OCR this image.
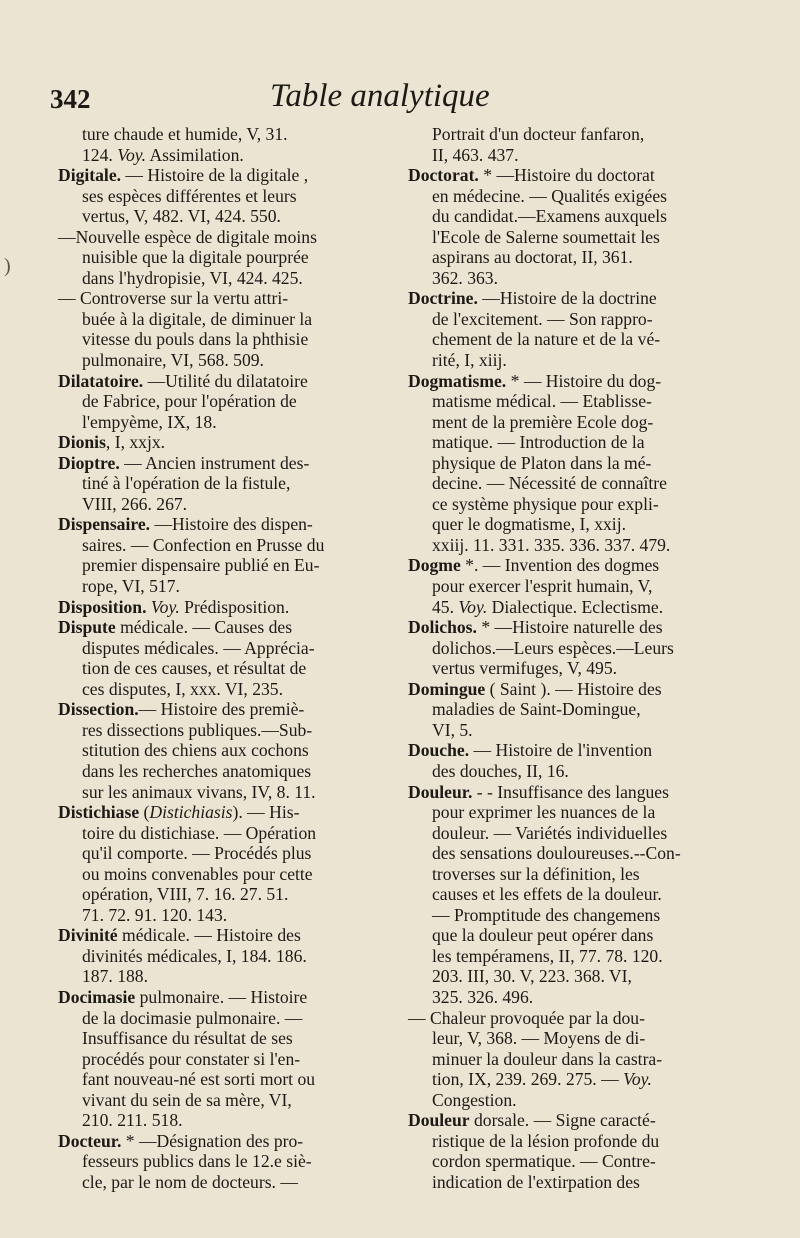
342	Table analytique
)
ture chaude et humide, V, 31.
124. Voy. Assimilation.
Digitale. — Histoire de la digitale ,
ses espèces différentes et leurs
vertus, V, 482. VI, 424. 550.
—Nouvelle espèce de digitale moins
nuisible que la digitale pourprée
dans l'hydropisie, VI, 424. 425.
— Controverse sur la vertu attri-
buée à la digitale, de diminuer la
vitesse du pouls dans la phthisie
pulmonaire, VI, 568. 509.
Dilatatoire. —Utilité du dilatatoire
de Fabrice, pour l'opération de
l'empyème, IX, 18.
Dionis, I, xxjx.
Dioptre. — Ancien instrument des-
tiné à l'opération de la fistule,
VIII, 266. 267.
Dispensaire. —Histoire des dispen-
saires. — Confection en Prusse du
premier dispensaire publié en Eu-
rope, VI, 517.
Disposition. Voy. Prédisposition.
Dispute médicale. — Causes des
disputes médicales. — Apprécia-
tion de ces causes, et résultat de
ces disputes, I, xxx. VI, 235.
Dissection.— Histoire des premiè-
res dissections publiques.—Sub-
stitution des chiens aux cochons
dans les recherches anatomiques
sur les animaux vivans, IV, 8. 11.
Distichiase (Distichiasis). — His-
toire du distichiase. — Opération
qu'il comporte. — Procédés plus
ou moins convenables pour cette
opération, VIII, 7. 16. 27. 51.
71. 72. 91. 120. 143.
Divinité médicale. — Histoire des
divinités médicales, I, 184. 186.
187. 188.
Docimasie pulmonaire. — Histoire
de la docimasie pulmonaire. —
Insuffisance du résultat de ses
procédés pour constater si l'en-
fant nouveau-né est sorti mort ou
vivant du sein de sa mère, VI,
210. 211. 518.
Docteur. * —Désignation des pro-
fesseurs publics dans le 12.e siè-
cle, par le nom de docteurs. —
Portrait d'un docteur fanfaron,
II, 463. 437.
Doctorat. * —Histoire du doctorat
en médecine. — Qualités exigées
du candidat.—Examens auxquels
l'Ecole de Salerne soumettait les
aspirans au doctorat, II, 361.
362. 363.
Doctrine. —Histoire de la doctrine
de l'excitement. — Son rappro-
chement de la nature et de la vé-
rité, I, xiij.
Dogmatisme. * — Histoire du dog-
matisme médical. — Etablisse-
ment de la première Ecole dog-
matique. — Introduction de la
physique de Platon dans la mé-
decine. — Nécessité de connaître
ce système physique pour expli-
quer le dogmatisme, I, xxij.
xxiij. 11. 331. 335. 336. 337. 479.
Dogme *. — Invention des dogmes
pour exercer l'esprit humain, V,
45. Voy. Dialectique. Eclectisme.
Dolichos. * —Histoire naturelle des
dolichos.—Leurs espèces.—Leurs
vertus vermifuges, V, 495.
Domingue ( Saint ). — Histoire des
maladies de Saint-Domingue,
VI, 5.
Douche. — Histoire de l'invention
des douches, II, 16.
Douleur. - - Insuffisance des langues
pour exprimer les nuances de la
douleur. — Variétés individuelles
des sensations douloureuses.--Con-
troverses sur la définition, les
causes et les effets de la douleur.
— Promptitude des changemens
que la douleur peut opérer dans
les tempéramens, II, 77. 78. 120.
203. III, 30. V, 223. 368. VI,
325. 326. 496.
— Chaleur provoquée par la dou-
leur, V, 368. — Moyens de di-
minuer la douleur dans la castra-
tion, IX, 239. 269. 275. — Voy.
Congestion.
Douleur dorsale. — Signe caracté-
ristique de la lésion profonde du
cordon spermatique. — Contre-
indication de l'extirpation des
